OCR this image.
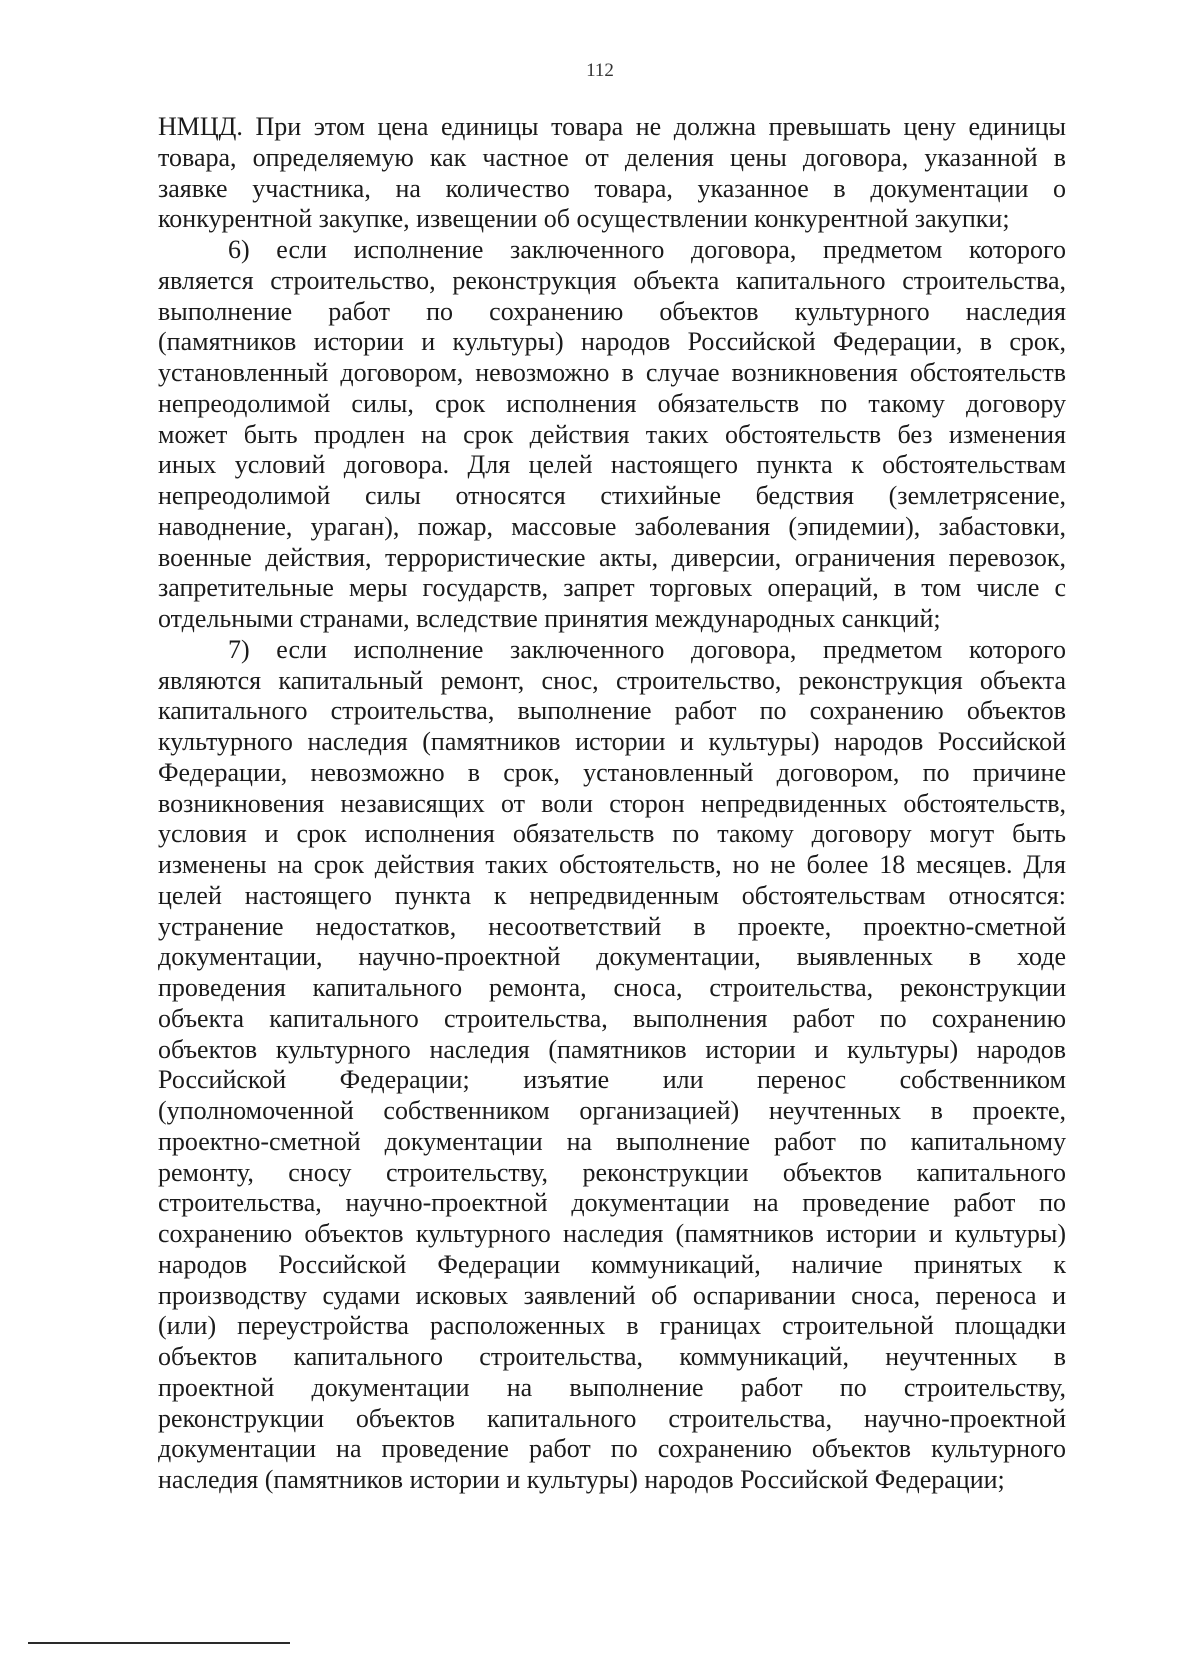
112
НМЦД. При этом цена единицы товара не должна превышать цену единицы
товара, определяемую как частное от деления цены договора, указанной в
заявке участника, на количество товара, указанное в документации о
конкурентной закупке, извещении об осуществлении конкурентной закупки;
6) если исполнение заключенного договора, предметом которого
является строительство, реконструкция объекта капитального строительства,
выполнение работ по сохранению объектов культурного наследия
(памятников истории и культуры) народов Российской Федерации, в срок,
установленный договором, невозможно в случае возникновения обстоятельств
непреодолимой силы, срок исполнения обязательств по такому договору
может быть продлен на срок действия таких обстоятельств без изменения
иных условий договора. Для целей настоящего пункта к обстоятельствам
непреодолимой силы относятся стихийные бедствия (землетрясение,
наводнение, ураган), пожар, массовые заболевания (эпидемии), забастовки,
военные действия, террористические акты, диверсии, ограничения перевозок,
запретительные меры государств, запрет торговых операций, в том числе с
отдельными странами, вследствие принятия международных санкций;
7) если исполнение заключенного договора, предметом которого
являются капитальный ремонт, снос, строительство, реконструкция объекта
капитального строительства, выполнение работ по сохранению объектов
культурного наследия (памятников истории и культуры) народов Российской
Федерации, невозможно в срок, установленный договором, по причине
возникновения независящих от воли сторон непредвиденных обстоятельств,
условия и срок исполнения обязательств по такому договору могут быть
изменены на срок действия таких обстоятельств, но не более 18 месяцев. Для
целей настоящего пункта к непредвиденным обстоятельствам относятся:
устранение недостатков, несоответствий в проекте, проектно-сметной
документации, научно-проектной документации, выявленных в ходе
проведения капитального ремонта, сноса, строительства, реконструкции
объекта капитального строительства, выполнения работ по сохранению
объектов культурного наследия (памятников истории и культуры) народов
Российской Федерации; изъятие или перенос собственником
(уполномоченной собственником организацией) неучтенных в проекте,
проектно-сметной документации на выполнение работ по капитальному
ремонту, сносу строительству, реконструкции объектов капитального
строительства, научно-проектной документации на проведение работ по
сохранению объектов культурного наследия (памятников истории и культуры)
народов Российской Федерации коммуникаций, наличие принятых к
производству судами исковых заявлений об оспаривании сноса, переноса и
(или) переустройства расположенных в границах строительной площадки
объектов капитального строительства, коммуникаций, неучтенных в
проектной документации на выполнение работ по строительству,
реконструкции объектов капитального строительства, научно-проектной
документации на проведение работ по сохранению объектов культурного
наследия (памятников истории и культуры) народов Российской Федерации;
